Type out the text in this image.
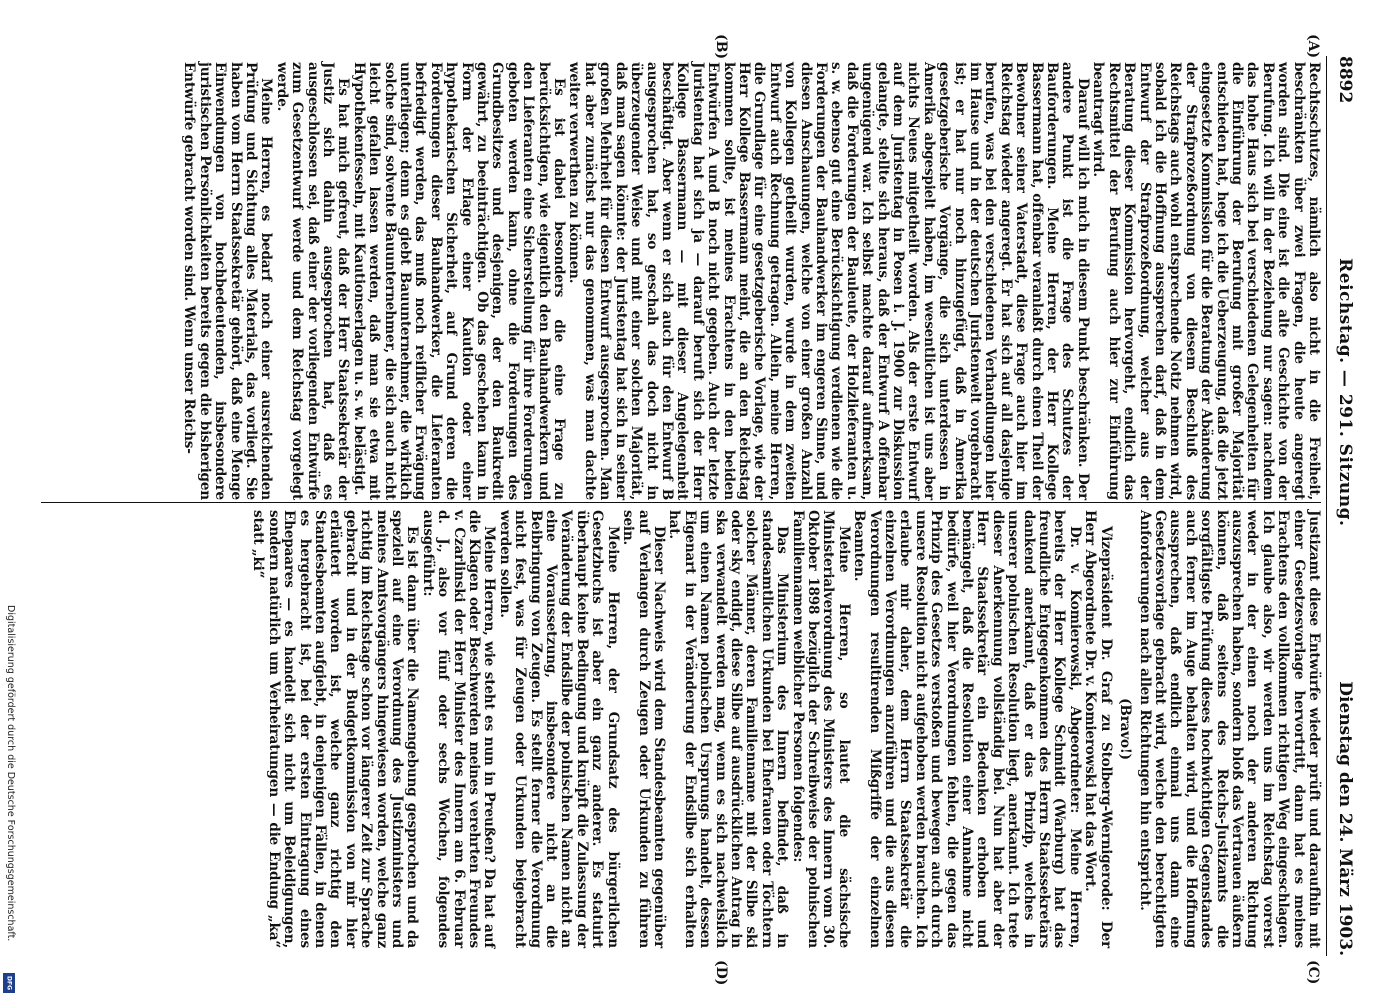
8892
Reichstag. — 291. Sitzung.
Dienstag den 24. März 1903.
(A)
(B)
(C)
(D)

Rechtsschutzes, nämlich also nicht in die Freiheit, beschränkten über zwei Fragen, die heute angeregt worden sind. Die eine ist die alte Geschichte von der Berufung. Ich will in der Beziehung nur sagen: nachdem das hohe Haus sich bei verschiedenen Gelegenheiten für die Einführung der Berufung mit großer Majorität entschieden hat, hege ich die Ueberzeugung, daß die jetzt eingesetzte Kommission für die Beratung der Abänderung der Strafprozeßordnung von diesem Beschluß des Reichstags auch wohl entsprechende Notiz nehmen wird, sobald ich die Hoffnung aussprechen darf, daß in dem Entwurf der Strafprozeßordnung, welcher aus der Beratung dieser Kommission hervorgeht, endlich das Rechtsmittel der Berufung auch hier zur Einführung beantragt wird.

Darauf will ich mich in diesem Punkt beschränken. Der andere Punkt ist die Frage des Schutzes der Bauforderungen. Meine Herren, der Herr Kollege Bassermann hat, offenbar veranlaßt durch einen Theil der Bewohner seiner Vaterstadt, diese Frage auch hier im Reichstag wieder angeregt. Er hat sich auf all dasjenige berufen, was bei den verschiedenen Verhandlungen hier im Hause und in der deutschen Juristenwelt vorgebracht ist; er hat nur noch hinzugefügt, daß in Amerika gesetzgeberische Vorgänge, die sich unterdessen in Amerika abgespielt haben, im wesentlichen ist uns aber nichts Neues mitgetheilt worden. Als der erste Entwurf auf dem Juristentag in Posen i. J. 1900 zur Diskussion gelangte, stellte sich heraus, daß der Entwurf A offenbar ungenügend war. Ich selbst machte darauf aufmerksam, daß die Forderungen der Bauleute, der Holzlieferanten u. s. w. ebenso gut eine Berücksichtigung verdienen wie die Forderungen der Bauhandwerker im engeren Sinne, und diesen Anschauungen, welche von einer großen Anzahl von Kollegen getheilt wurden, wurde in dem zweiten Entwurf auch Rechnung getragen. Allein, meine Herren, die Grundlage für eine gesetzgeberische Vorlage, wie der Herr Kollege Bassermann meint, die an den Reichstag kommen sollte, ist meines Erachtens in den beiden Entwürfen A und B noch nicht gegeben. Auch der letzte Juristentag hat sich ja — darauf beruft sich der Herr Kollege Bassermann — mit dieser Angelegenheit beschäftigt. Aber wenn er sich auch für den Entwurf B ausgesprochen hat, so geschah das doch nicht in überzeugender Weise und mit einer solchen Majorität, daß man sagen könnte: der Juristentag hat sich in seiner großen Mehrheit für diesen Entwurf ausgesprochen. Man hat aber zunächst nur das genommen, was man dachte weiter verwerthen zu können.

Es ist dabei besonders die eine Frage zu berücksichtigen, wie eigentlich den Bauhandwerkern und den Lieferanten eine Sicherstellung für ihre Forderungen geboten werden kann, ohne die Forderungen des Grundbesitzes und desjenigen, der den Baukredit gewährt, zu beeinträchtigen. Ob das geschehen kann in Form der Erlage einer Kaution oder einer hypothekarischen Sicherheit, auf Grund deren die Forderungen dieser Bauhandwerker, die Lieferanten befriedigt werden, das muß noch reiflicher Erwägung unterliegen; denn es giebt Bauunternehmer, die wirklich solche sind, solvente Bauunternehmer, die sich auch nicht leicht gefallen lassen werden, daß man sie etwa mit Hypothekenfesseln, mit Kautionserlagen u. s. w. belästigt.

Es hat mich gefreut, daß der Herr Staatssekretär der Justiz sich dahin ausgesprochen hat, daß es ausgeschlossen sei, daß einer der vorliegenden Entwürfe zum Gesetzentwurf werde und dem Reichstag vorgelegt werde.

Meine Herren, es bedarf noch einer ausreichenden Prüfung und Sichtung alles Materials, das vorliegt. Sie haben vom Herrn Staatssekretär gehört, daß eine Menge Einwendungen von hochbedeutenden, insbesondere juristischen Persönlichkeiten bereits gegen die bisherigen Entwürfe gebracht worden sind. Wenn unser Reichs-

Justizamt diese Entwürfe wieder prüft und daraufhin mit einer Gesetzesvorlage hervortritt, dann hat es meines Erachtens den vollkommen richtigen Weg eingeschlagen. Ich glaube also, wir werden uns im Reichstag vorerst weder in der einen noch der anderen Richtung auszusprechen haben, sondern bloß das Vertrauen äußern können, daß seitens des Reichs-Justizamts die sorgfältigste Prüfung dieses hochwichtigen Gegenstandes auch ferner im Auge behalten wird, und die Hoffnung aussprechen, daß endlich einmal uns dann eine Gesetzesvorlage gebracht wird, welche den berechtigten Anforderungen nach allen Richtungen hin entspricht.

(Bravo!)

Vizepräsident Dr. Graf zu Stolberg-Wernigerode: Der Herr Abgeordnete Dr. v. Komierowski hat das Wort.

Dr. v. Komierowski, Abgeordneter: Meine Herren, bereits der Herr Kollege Schmidt (Warburg) hat das freundliche Entgegenkommen des Herrn Staatssekretärs dankend anerkannt, daß er das Prinzip, welches in unserer polnischen Resolution liegt, anerkannt. Ich trete dieser Anerkennung vollständig bei. Nun hat aber der Herr Staatssekretär ein Bedenken erhoben und bemängelt, daß die Resolution einer Annahme nicht bedürfe, weil hier Verordnungen fehlen, die gegen das Prinzip des Gesetzes verstoßen und bewegen auch durch unsere Resolution nicht aufgehoben werden brauchen. Ich erlaube mir daher, dem Herrn Staatssekretär die einzelnen Verordnungen anzuführen und die aus diesen Verordnungen resultirenden Mißgriffe der einzelnen Beamten.

Meine Herren, so lautet die sächsische Ministerialverordnung des Ministers des Innern vom 30. Oktober 1898 bezüglich der Schreibweise der polnischen Familiennamen weiblicher Personen folgendes:

Das Ministerium des Innern befindet, daß in standesamtlichen Urkunden bei Ehefrauen oder Töchtern solcher Männer, deren Familienname mit der Silbe ski oder sky endigt, diese Silbe auf ausdrücklichen Antrag in ska verwandelt werden mag, wenn es sich nachweislich um einen Namen polnischen Ursprungs handelt, dessen Eigenart in der Veränderung der Endsilbe sich erhalten hat.

Dieser Nachweis wird dem Standesbeamten gegenüber auf Verlangen durch Zeugen oder Urkunden zu führen sein.

Meine Herren, der Grundsatz des bürgerlichen Gesetzbuchs ist aber ein ganz anderer. Es statuirt überhaupt keine Bedingung und knüpft die Zulassung der Veränderung der Endsilbe der polnischen Namen nicht an eine Voraussetzung, insbesondere nicht an die Beibringung von Zeugen. Es stellt ferner die Verordnung nicht fest, was für Zeugen oder Urkunden beigebracht werden sollen.

Meine Herren, wie steht es nun in Preußen? Da hat auf die Klagen oder Beschwerden meines verehrten Freundes v. Czarlinski der Herr Minister des Innern am 6. Februar d. J., also vor fünf oder sechs Wochen, folgendes ausgeführt:

Es ist dann über die Namengebung gesprochen und da speziell auf eine Verordnung des Justizministers und meines Amtsvorgängers hingewiesen worden, welche ganz richtig im Reichstage schon vor längerer Zeit zur Sprache gebracht und in der Budgetkommission von mir hier erläutert worden ist, welche ganz richtig den Standesbeamten aufgiebt, in denjenigen Fällen, in denen es hergebracht ist, bei der ersten Eintragung eines Ehepaares — es handelt sich nicht um Beleidigungen, sondern natürlich um Verheiratungen — die Endung „ka“ statt „ki“

Digitalisierung gefördert durch die Deutsche Forschungsgemeinschaft.
DFG
